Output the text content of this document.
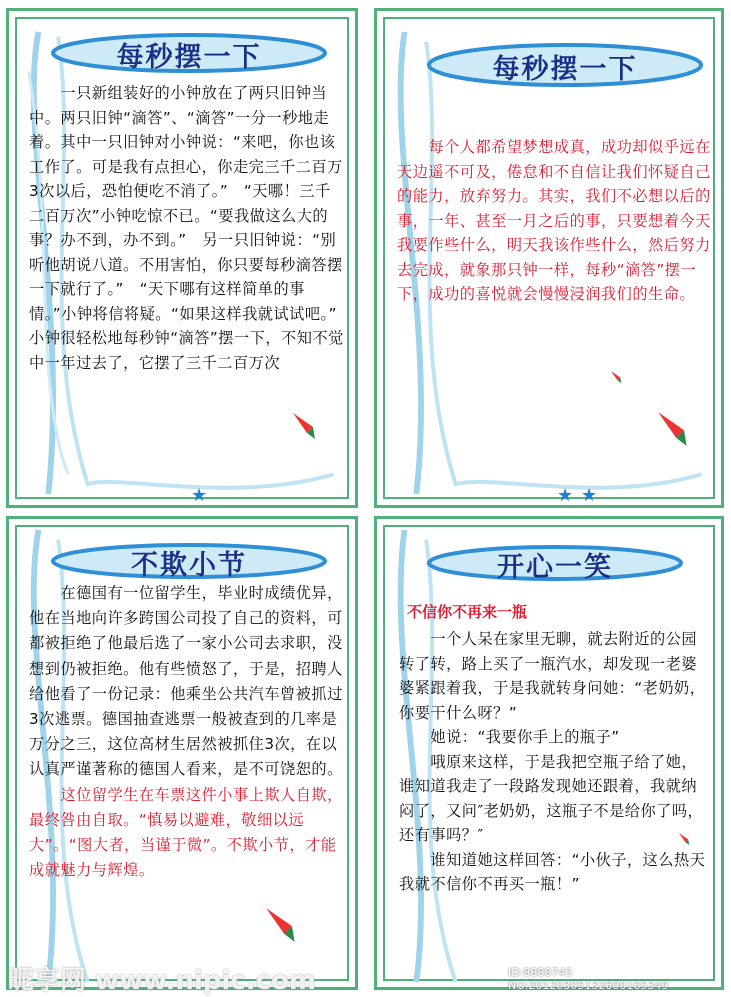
每秒摆一下

　　一只新组装好的小钟放在了两只旧钟当中。两只旧钟“滴答”、“滴答”一分一秒地走着。其中一只旧钟对小钟说：“来吧，你也该工作了。可是我有点担心，你走完三千二百万3次以后，恐怕便吃不消了。”　“天哪！三千二百万次”小钟吃惊不已。“要我做这么大的事？办不到，办不到。”　另一只旧钟说：“别听他胡说八道。不用害怕，你只要每秒滴答摆一下就行了。”　“天下哪有这样简单的事情。”小钟将信将疑。“如果这样我就试试吧。”　小钟很轻松地每秒钟“滴答”摆一下，不知不觉中一年过去了，它摆了三千二百万次

★
每秒摆一下

　　每个人都希望梦想成真，成功却似乎远在天边遥不可及，倦怠和不自信让我们怀疑自己的能力，放弃努力。其实，我们不必想以后的事，一年、甚至一月之后的事，只要想着今天我要作些什么，明天我该作些什么，然后努力去完成，就象那只钟一样，每秒“滴答”摆一下，成功的喜悦就会慢慢浸润我们的生命。

★ ★
不欺小节

　　在德国有一位留学生，毕业时成绩优异，他在当地向许多跨国公司投了自己的资料，可都被拒绝了他最后选了一家小公司去求职，没想到仍被拒绝。他有些愤怒了，于是，招聘人给他看了一份记录：他乘坐公共汽车曾被抓过3次逃票。德国抽查逃票一般被查到的几率是万分之三，这位高材生居然被抓住3次，在以认真严谨著称的德国人看来，是不可饶恕的。

　　这位留学生在车票这件小事上欺人自欺，最终咎由自取。“慎易以避难，敬细以远大”。“图大者，当谨于微”。不欺小节，才能成就魅力与辉煌。

开心一笑
不信你不再来一瓶

　　一个人呆在家里无聊，就去附近的公园转了转，路上买了一瓶汽水，却发现一老婆婆紧跟着我，于是我就转身问她：“老奶奶，你要干什么呀？”

　　她说：“我要你手上的瓶子”

　　哦原来这样，于是我把空瓶子给了她，谁知道我走了一段路发现她还跟着，我就纳闷了，又问″老奶奶，这瓶子不是给你了吗，还有事吗？″

　　谁知道她这样回答：“小伙子，这么热天我就不信你不再买一瓶！”

昵享网 www.nipic.com	ID:8888745 NO:20120305132600165349
